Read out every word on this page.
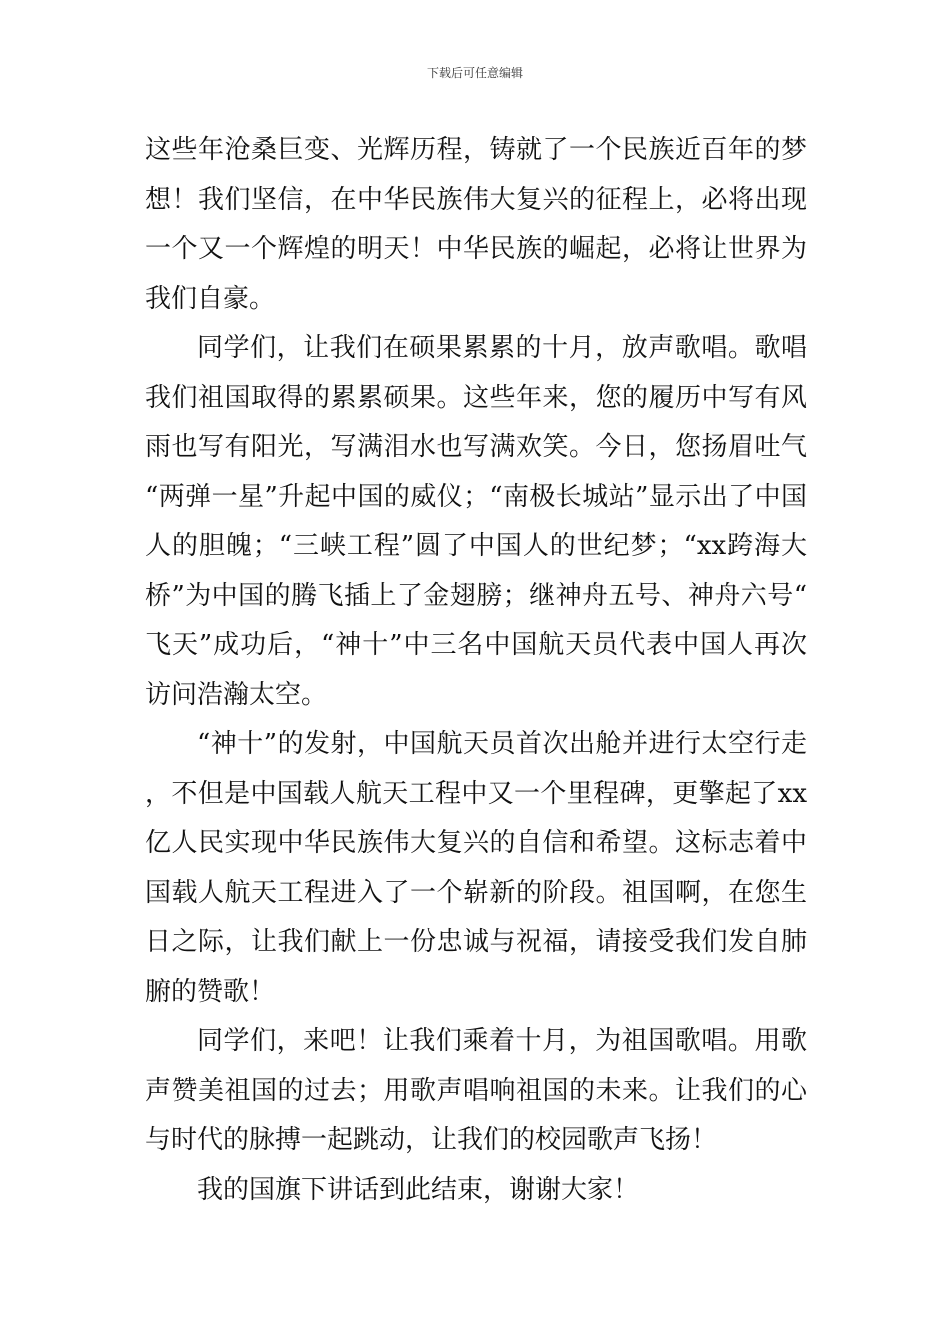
下载后可任意编辑

这些年沧桑巨变、光辉历程，铸就了一个民族近百年的梦想！我们坚信，在中华民族伟大复兴的征程上，必将出现一个又一个辉煌的明天！中华民族的崛起，必将让世界为我们自豪。

同学们，让我们在硕果累累的十月，放声歌唱。歌唱我们祖国取得的累累硕果。这些年来，您的履历中写有风雨也写有阳光，写满泪水也写满欢笑。今日，您扬眉吐气“两弹一星”升起中国的威仪；“南极长城站”显示出了中国人的胆魄；“三峡工程”圆了中国人的世纪梦；“xx跨海大桥”为中国的腾飞插上了金翅膀；继神舟五号、神舟六号“飞天”成功后，“神十”中三名中国航天员代表中国人再次访问浩瀚太空。

“神十”的发射，中国航天员首次出舱并进行太空行走，不但是中国载人航天工程中又一个里程碑，更擎起了xx亿人民实现中华民族伟大复兴的自信和希望。这标志着中国载人航天工程进入了一个崭新的阶段。祖国啊，在您生日之际，让我们献上一份忠诚与祝福，请接受我们发自肺腑的赞歌！

同学们，来吧！让我们乘着十月，为祖国歌唱。用歌声赞美祖国的过去；用歌声唱响祖国的未来。让我们的心与时代的脉搏一起跳动，让我们的校园歌声飞扬！

我的国旗下讲话到此结束，谢谢大家！
